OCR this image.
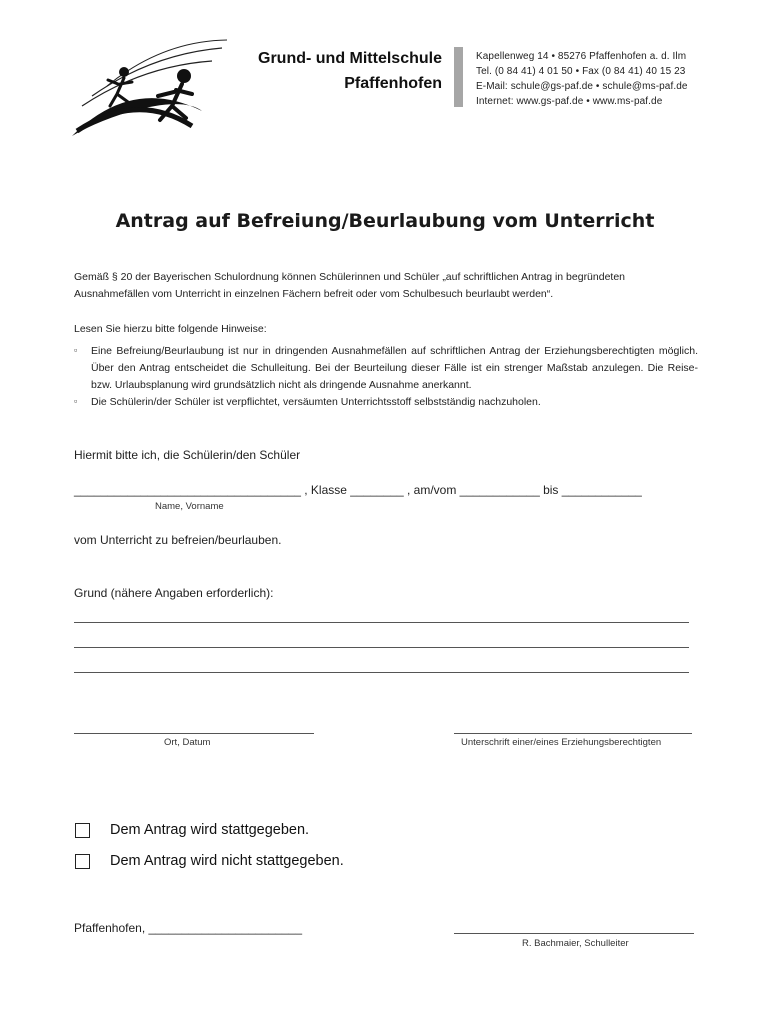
Grund- und Mittelschule
Pfaffenhofen
Kapellenweg 14 • 85276 Pfaffenhofen a. d. Ilm
Tel. (0 84 41) 4 01 50 • Fax (0 84 41) 40 15 23
E-Mail: schule@gs-paf.de • schule@ms-paf.de
Internet: www.gs-paf.de • www.ms-paf.de
Antrag auf Befreiung/Beurlaubung vom Unterricht
Gemäß § 20 der Bayerischen Schulordnung können Schülerinnen und Schüler „auf schriftlichen Antrag in begründeten Ausnahmefällen vom Unterricht in einzelnen Fächern befreit oder vom Schulbesuch beurlaubt werden“.
Lesen Sie hierzu bitte folgende Hinweise:
▫ Eine Befreiung/Beurlaubung ist nur in dringenden Ausnahmefällen auf schriftlichen Antrag der Erziehungsberechtigten möglich. Über den Antrag entscheidet die Schulleitung. Bei der Beurteilung dieser Fälle ist ein strenger Maßstab anzulegen. Die Reise- bzw. Urlaubsplanung wird grundsätzlich nicht als dringende Ausnahme anerkannt.
▫ Die Schülerin/der Schüler ist verpflichtet, versäumten Unterrichtsstoff selbstständig nachzuholen.
Hiermit bitte ich, die Schülerin/den Schüler
__________________________________ , Klasse ________ , am/vom ____________ bis ____________
Name, Vorname
vom Unterricht zu befreien/beurlauben.
Grund (nähere Angaben erforderlich):
Ort, Datum	Unterschrift einer/eines Erziehungsberechtigten
Dem Antrag wird stattgegeben.
Dem Antrag wird nicht stattgegeben.
Pfaffenhofen, _______________________
R. Bachmaier, Schulleiter
